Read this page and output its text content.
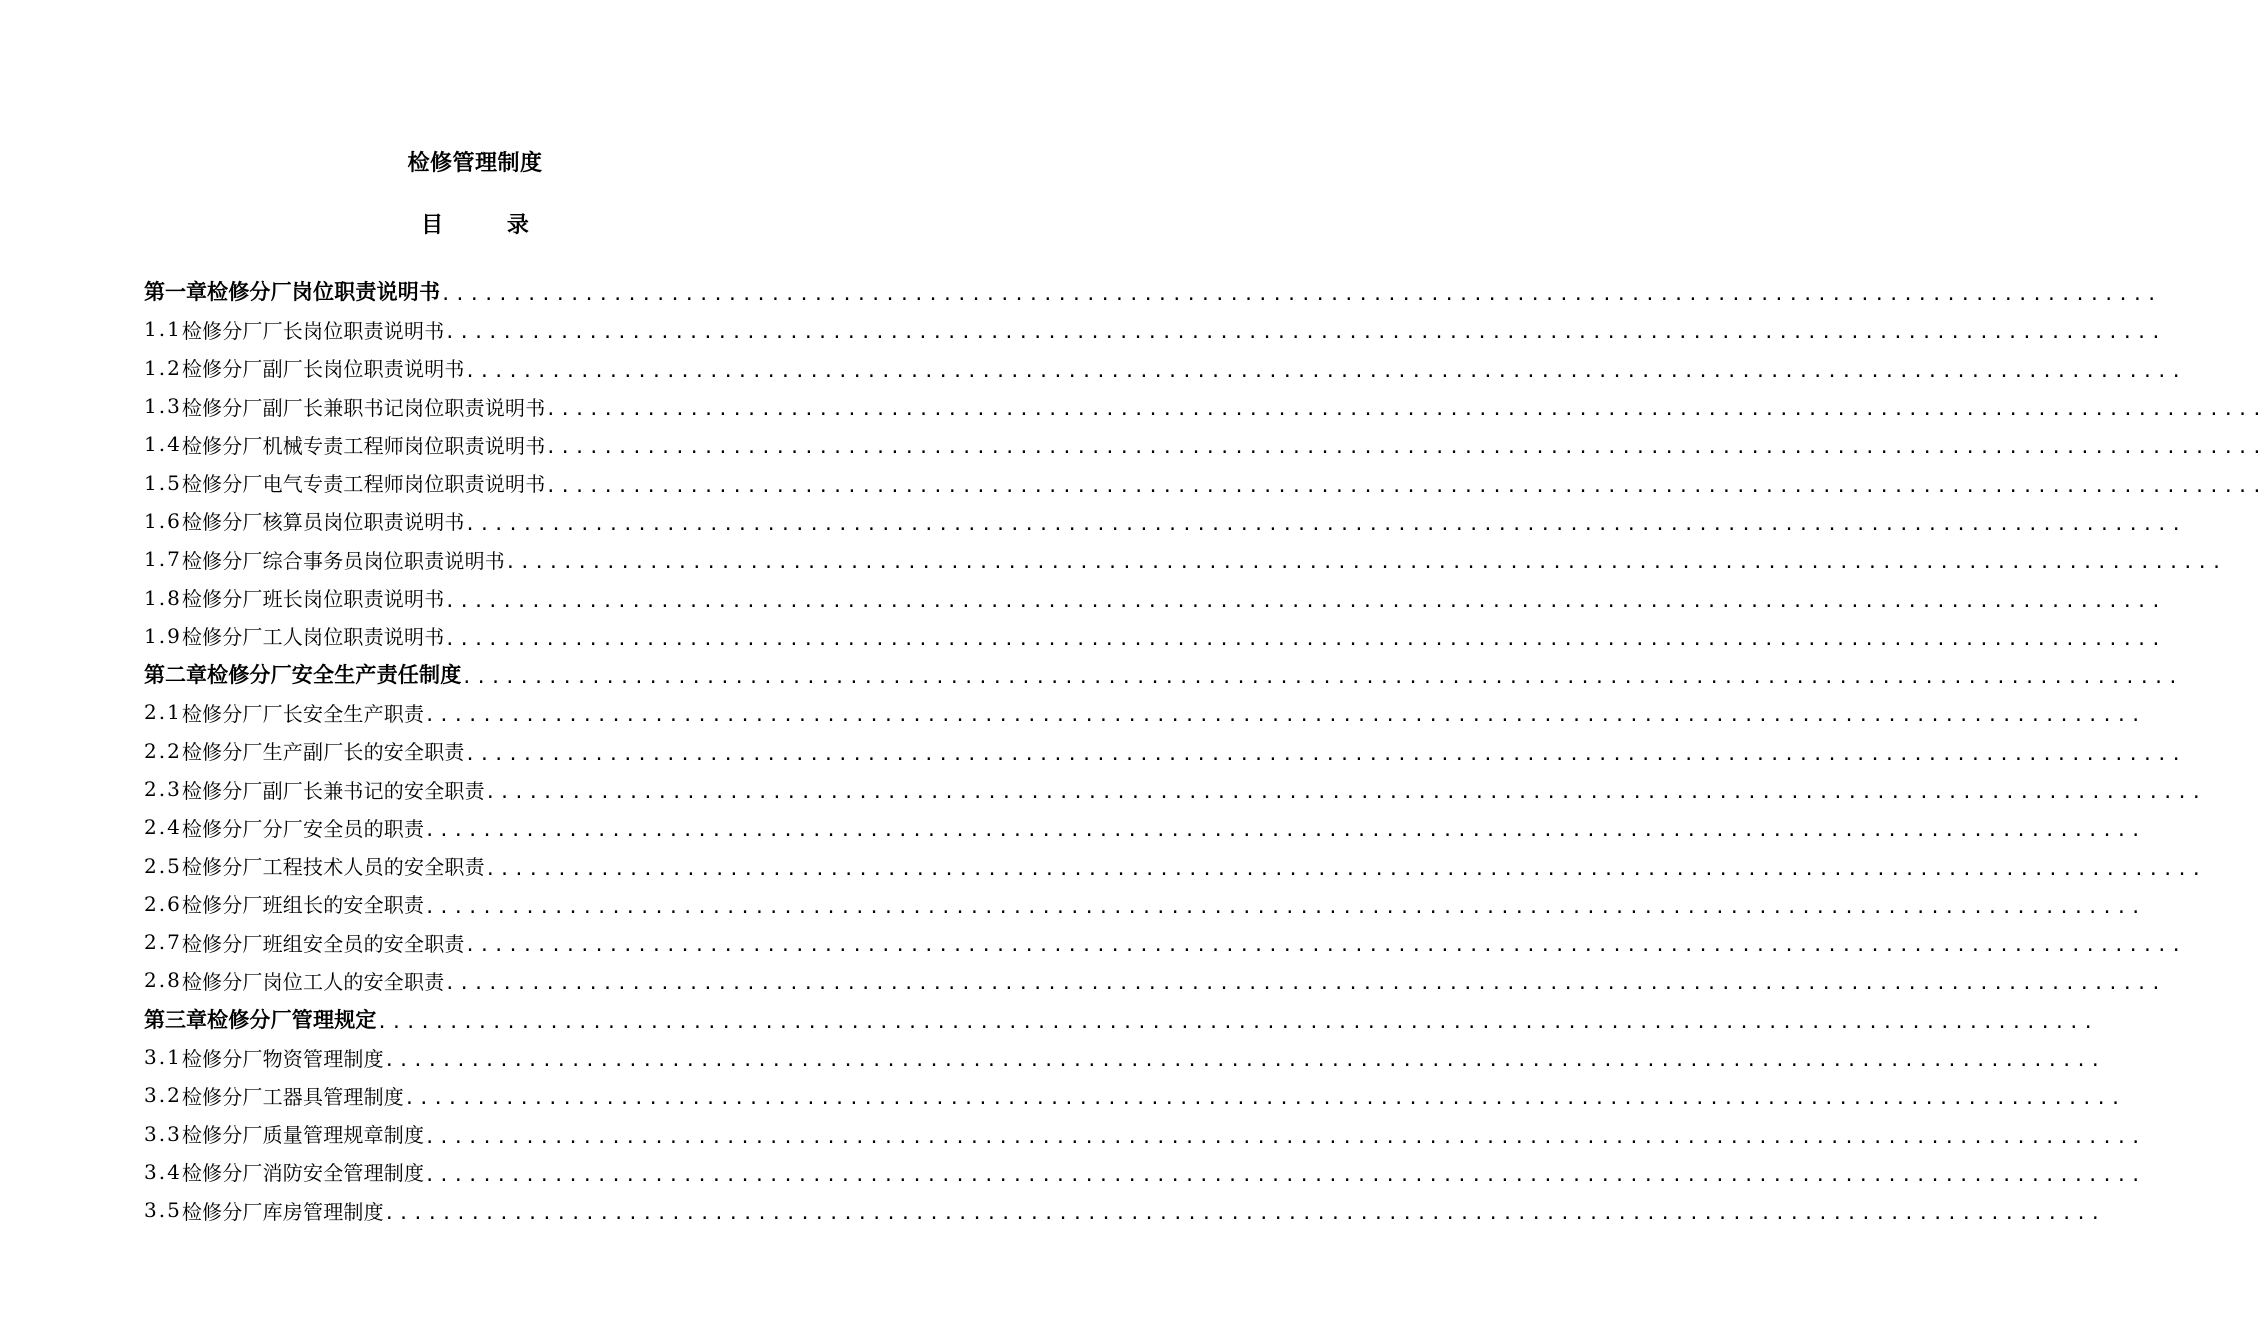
检修管理制度
目 录
第一章 检修分厂岗位职责说明书 ........................................................................................................................
1.1 检修分厂厂长岗位职责说明书 ........................................................................................................................
1.2 检修分厂副厂长岗位职责说明书 ........................................................................................................................
1.3 检修分厂副厂长兼职书记岗位职责说明书 ........................................................................................................................
1.4 检修分厂机械专责工程师岗位职责说明书 ........................................................................................................................
1.5 检修分厂电气专责工程师岗位职责说明书 ........................................................................................................................
1.6 检修分厂核算员岗位职责说明书 ........................................................................................................................
1.7 检修分厂综合事务员岗位职责说明书 ........................................................................................................................
1.8 检修分厂班长岗位职责说明书 ........................................................................................................................
1.9 检修分厂工人岗位职责说明书 ........................................................................................................................
第二章 检修分厂安全生产责任制度 ........................................................................................................................
2.1 检修分厂厂长安全生产职责 ........................................................................................................................
2.2 检修分厂生产副厂长的安全职责 ........................................................................................................................
2.3 检修分厂副厂长兼书记的安全职责 ........................................................................................................................
2.4 检修分厂分厂安全员的职责 ........................................................................................................................
2.5 检修分厂工程技术人员的安全职责 ........................................................................................................................
2.6 检修分厂班组长的安全职责 ........................................................................................................................
2.7 检修分厂班组安全员的安全职责 ........................................................................................................................
2.8 检修分厂岗位工人的安全职责 ........................................................................................................................
第三章 检修分厂管理规定 ........................................................................................................................
3.1 检修分厂物资管理制度 ........................................................................................................................
3.2 检修分厂工器具管理制度 ........................................................................................................................
3.3 检修分厂质量管理规章制度 ........................................................................................................................
3.4 检修分厂消防安全管理制度 ........................................................................................................................
3.5 检修分厂库房管理制度 ........................................................................................................................
